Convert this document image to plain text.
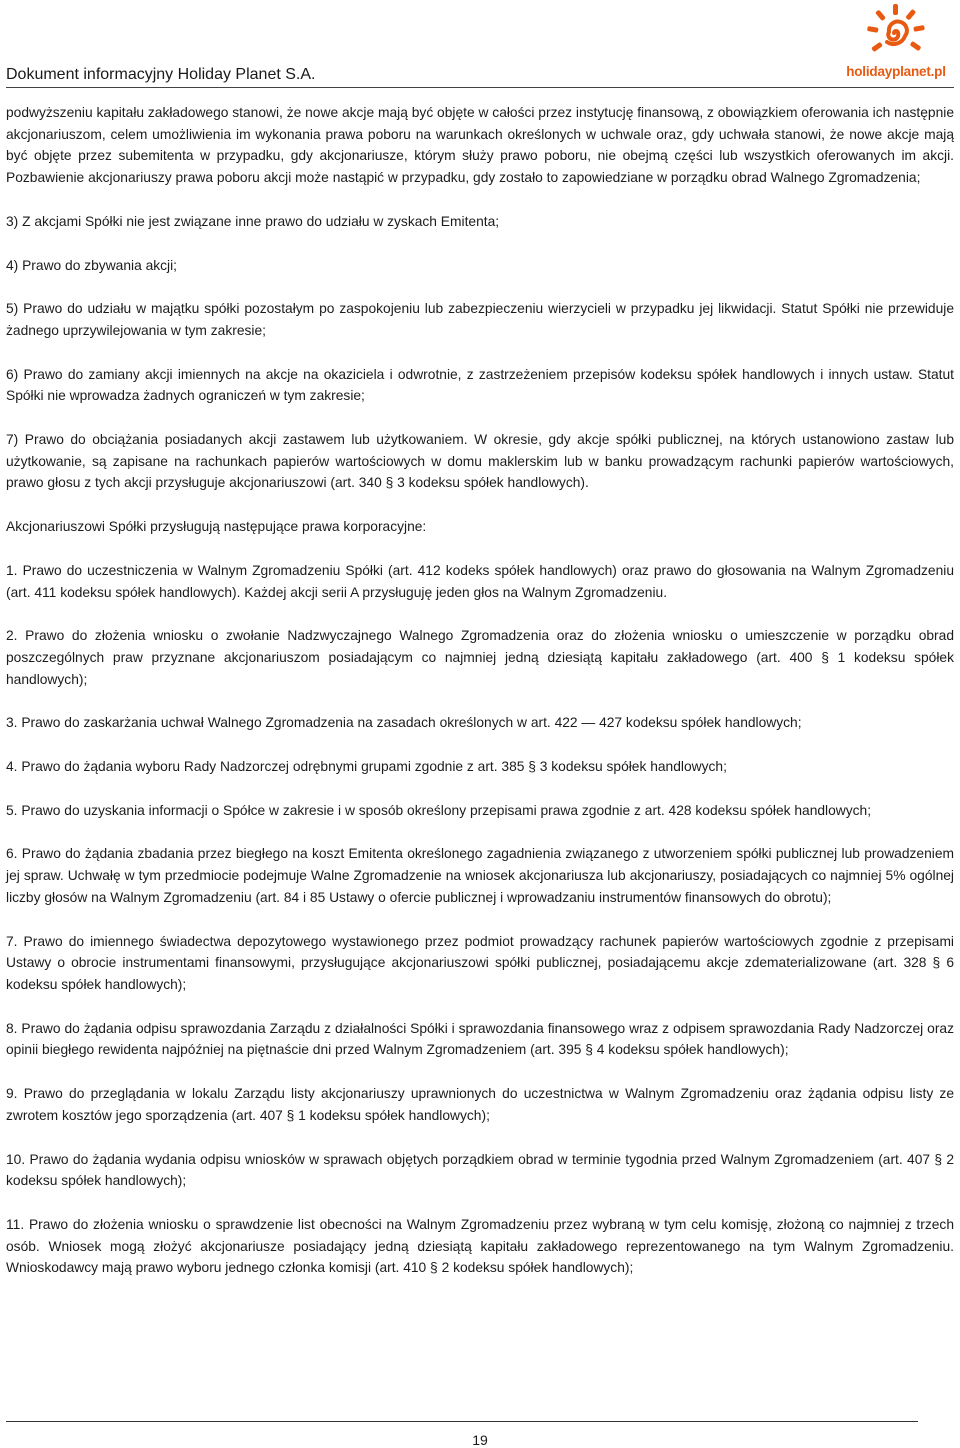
Dokument informacyjny Holiday Planet S.A.	holidayplanet.pl

podwyższeniu kapitału zakładowego stanowi, że nowe akcje mają być objęte w całości przez instytucję finansową, z obowiązkiem oferowania ich następnie akcjonariuszom, celem umożliwienia im wykonania prawa poboru na warunkach określonych w uchwale oraz, gdy uchwała stanowi, że nowe akcje mają być objęte przez subemitenta w przypadku, gdy akcjonariusze, którym służy prawo poboru, nie obejmą części lub wszystkich oferowanych im akcji. Pozbawienie akcjonariuszy prawa poboru akcji może nastąpić w przypadku, gdy zostało to zapowiedziane w porządku obrad Walnego Zgromadzenia;

3) Z akcjami Spółki nie jest związane inne prawo do udziału w zyskach Emitenta;

4) Prawo do zbywania akcji;

5) Prawo do udziału w majątku spółki pozostałym po zaspokojeniu lub zabezpieczeniu wierzycieli w przypadku jej likwidacji. Statut Spółki nie przewiduje żadnego uprzywilejowania w tym zakresie;

6) Prawo do zamiany akcji imiennych na akcje na okaziciela i odwrotnie, z zastrzeżeniem przepisów kodeksu spółek handlowych i innych ustaw. Statut Spółki nie wprowadza żadnych ograniczeń w tym zakresie;

7) Prawo do obciążania posiadanych akcji zastawem lub użytkowaniem. W okresie, gdy akcje spółki publicznej, na których ustanowiono zastaw lub użytkowanie, są zapisane na rachunkach papierów wartościowych w domu maklerskim lub w banku prowadzącym rachunki papierów wartościowych, prawo głosu z tych akcji przysługuje akcjonariuszowi (art. 340 § 3 kodeksu spółek handlowych).

Akcjonariuszowi Spółki przysługują następujące prawa korporacyjne:

1. Prawo do uczestniczenia w Walnym Zgromadzeniu Spółki (art. 412 kodeks spółek handlowych) oraz prawo do głosowania na Walnym Zgromadzeniu (art. 411 kodeksu spółek handlowych). Każdej akcji serii A przysługuję jeden głos na Walnym Zgromadzeniu.

2. Prawo do złożenia wniosku o zwołanie Nadzwyczajnego Walnego Zgromadzenia oraz do złożenia wniosku o umieszczenie w porządku obrad poszczególnych praw przyznane akcjonariuszom posiadającym co najmniej jedną dziesiątą kapitału zakładowego (art. 400 § 1 kodeksu spółek handlowych);

3. Prawo do zaskarżania uchwał Walnego Zgromadzenia na zasadach określonych w art. 422 — 427 kodeksu spółek handlowych;

4. Prawo do żądania wyboru Rady Nadzorczej odrębnymi grupami zgodnie z art. 385 § 3 kodeksu spółek handlowych;

5. Prawo do uzyskania informacji o Spółce w zakresie i w sposób określony przepisami prawa zgodnie z art. 428 kodeksu spółek handlowych;

6. Prawo do żądania zbadania przez biegłego na koszt Emitenta określonego zagadnienia związanego z utworzeniem spółki publicznej lub prowadzeniem jej spraw. Uchwałę w tym przedmiocie podejmuje Walne Zgromadzenie na wniosek akcjonariusza lub akcjonariuszy, posiadających co najmniej 5% ogólnej liczby głosów na Walnym Zgromadzeniu (art. 84 i 85 Ustawy o ofercie publicznej i wprowadzaniu instrumentów finansowych do obrotu);

7. Prawo do imiennego świadectwa depozytowego wystawionego przez podmiot prowadzący rachunek papierów wartościowych zgodnie z przepisami Ustawy o obrocie instrumentami finansowymi, przysługujące akcjonariuszowi spółki publicznej, posiadającemu akcje zdematerializowane (art. 328 § 6 kodeksu spółek handlowych);

8. Prawo do żądania odpisu sprawozdania Zarządu z działalności Spółki i sprawozdania finansowego wraz z odpisem sprawozdania Rady Nadzorczej oraz opinii biegłego rewidenta najpóźniej na piętnaście dni przed Walnym Zgromadzeniem (art. 395 § 4 kodeksu spółek handlowych);

9. Prawo do przeglądania w lokalu Zarządu listy akcjonariuszy uprawnionych do uczestnictwa w Walnym Zgromadzeniu oraz żądania odpisu listy ze zwrotem kosztów jego sporządzenia (art. 407 § 1 kodeksu spółek handlowych);

10. Prawo do żądania wydania odpisu wniosków w sprawach objętych porządkiem obrad w terminie tygodnia przed Walnym Zgromadzeniem (art. 407 § 2 kodeksu spółek handlowych);

11. Prawo do złożenia wniosku o sprawdzenie list obecności na Walnym Zgromadzeniu przez wybraną w tym celu komisję, złożoną co najmniej z trzech osób. Wniosek mogą złożyć akcjonariusze posiadający jedną dziesiątą kapitału zakładowego reprezentowanego na tym Walnym Zgromadzeniu. Wnioskodawcy mają prawo wyboru jednego członka komisji (art. 410 § 2 kodeksu spółek handlowych);

19
